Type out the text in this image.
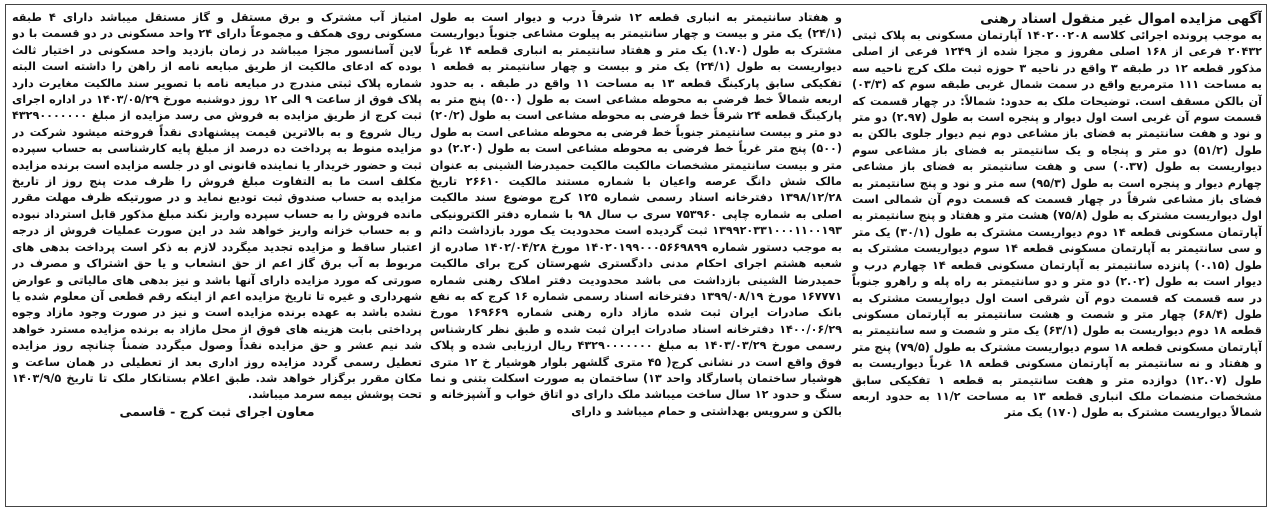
آگهی مزایده اموال غیر منقول اسناد رهنی

به موجب پرونده اجرائی کلاسه ۱۴۰۲۰۰۲۰۸ آپارتمان مسکونی به پلاک ثبتی ۲۰۴۳۲ فرعی از ۱۶۸ اصلی مفروز و مجزا شده از ۱۲۴۹ فرعی از اصلی مذکور قطعه ۱۲ در طبقه ۳ واقع در ناحیه ۳ حوزه ثبت ملک کرج ناحیه سه به مساحت ۱۱۱ مترمربع واقع در سمت شمال غربی طبقه سوم که (۰۳/۳) آن بالکن مسقف است. توضیحات ملک به حدود: شمالاً: در چهار قسمت که قسمت سوم آن غربی است اول دیوار و پنجره است به طول (۲.۹۷) دو متر و نود و هفت سانتیمتر به فضای باز مشاعی دوم نیم دیوار جلوی بالکن به طول (۵۱/۲) دو متر و پنجاه و یک سانتیمتر به فضای باز مشاعی سوم دیواریست به طول (۰.۳۷) سی و هفت سانتیمتر به فضای باز مشاعی چهارم دیوار و پنجره است به طول (۹۵/۳) سه متر و نود و پنج سانتیمتر به فضای باز مشاعی شرقاً در چهار قسمت که قسمت دوم آن شمالی است اول دیواریست مشترک به طول (۷۵/۸) هشت متر و هفتاد و پنج سانتیمتر به آپارتمان مسکونی قطعه ۱۴ دوم دیواریست مشترک به طول (۳۰/۱) یک متر و سی سانتیمتر به آپارتمان مسکونی قطعه ۱۴ سوم دیواریست مشترک به طول (۰.۱۵) پانزده سانتیمتر به آپارتمان مسکونی قطعه ۱۴ چهارم درب و دیوار است به طول (۲.۰۲) دو متر و دو سانتیمتر به راه پله و راهرو جنوباً در سه قسمت که قسمت دوم آن شرقی است اول دیواریست مشترک به طول (۶۸/۴) چهار متر و شصت و هشت سانتیمتر به آپارتمان مسکونی قطعه ۱۸ دوم دیواریست به طول (۶۳/۱) یک متر و شصت و سه سانتیمتر به آپارتمان مسکونی قطعه ۱۸ سوم دیواریست مشترک به طول (۷۹/۵) پنج متر و هفتاد و نه سانتیمتر به آپارتمان مسکونی قطعه ۱۸ غرباً دیواریست به طول (۱۲.۰۷) دوازده متر و هفت سانتیمتر به قطعه ۱ تفکیکی سابق مشخصات منضمات ملک انباری قطعه ۱۳ به مساحت ۱۱/۲ به حدود اربعه شمالاً دیواریست مشترک به طول (۱۷۰) یک متر

و هفتاد سانتیمتر به انباری قطعه ۱۲ شرقاً درب و دیوار است به طول (۲۴/۱) یک متر و بیست و چهار سانتیمتر به پیلوت مشاعی جنوباً دیواریست مشترک به طول (۱.۷۰) یک متر و هفتاد سانتیمتر به انباری قطعه ۱۴ غرباً دیواریست به طول (۲۴/۱) یک متر و بیست و چهار سانتیمتر به قطعه ۱ تفکیکی سابق پارکینگ قطعه ۱۳ به مساحت ۱۱ واقع در طبقه . به حدود اربعه شمالاً خط فرضی به محوطه مشاعی است به طول (۵۰۰) پنج متر به پارکینگ قطعه ۲۴ شرقاً خط فرضی به محوطه مشاعی است به طول (۲۰/۲) دو متر و بیست سانتیمتر جنوباً خط فرضی به محوطه مشاعی است به طول (۵۰۰) پنج متر غرباً خط فرضی به محوطه مشاعی است به طول (۲.۲۰) دو متر و بیست سانتیمتر مشخصات مالکیت مالکیت حمیدرضا الشینی به عنوان مالک شش دانگ عرصه واعیان با شماره مستند مالکیت ۲۶۶۱۰ تاریخ ۱۳۹۸/۱۲/۲۸ دفترخانه اسناد رسمی شماره ۱۲۵ کرج موضوع سند مالکیت اصلی به شماره چاپی ۷۵۳۹۶۰ سری ب سال ۹۸ با شماره دفتر الکترونیکی ۱۳۹۹۲۰۳۳۱۰۰۰۱۱۰۰۱۹۳ ثبت گردیده است محدودیت یک مورد بازداشت دائم به موجب دستور شماره ۱۴۰۲۰۱۹۹۰۰۰۵۶۶۹۸۹۹ مورخ ۱۴۰۲/۰۴/۲۸ صادره از شعبه هشتم اجرای احکام مدنی دادگستری شهرستان کرج برای مالکیت حمیدرضا الشینی بازداشت می باشد محدودیت دفتر املاک رهنی شماره ۱۶۷۷۷۱ مورخ ۱۳۹۹/۰۸/۱۹ دفترخانه اسناد رسمی شماره ۱۶ کرج که به نفع بانک صادرات ایران ثبت شده مازاد داره رهنی شماره ۱۶۹۶۶۹ مورخ ۱۴۰۰/۰۶/۲۹ دفترخانه اسناد صادرات ایران ثبت شده و طبق نظر کارشناس رسمی مورخ ۱۴۰۳/۰۳/۲۹ به مبلغ ۴۳۲۹۰۰۰۰۰۰۰ ریال ارزیابی شده و پلاک فوق واقع است در نشانی کرج( ۴۵ متری گلشهر بلوار هوشیار خ ۱۲ متری هوشیار ساختمان پاسارگاد واحد ۱۳) ساختمان به صورت اسکلت بتنی و نما سنگ و حدود ۱۲ سال ساخت میباشد ملک دارای دو اتاق خواب و آشپزخانه و بالکن و سرویس بهداشتی و حمام میباشد و دارای

امتیاز آب مشترک و برق مستقل و گاز مستقل میباشد دارای ۴ طبقه مسکونی روی همکف و مجموعاً دارای ۲۴ واحد مسکونی در دو قسمت با دو لاین آسانسور مجزا میباشد در زمان بازدید واحد مسکونی در اختیار ثالث بوده که ادعای مالکیت از طریق مبایعه نامه از راهن را داشته است البته شماره پلاک ثبتی مندرج در مبایعه نامه با تصویر سند مالکیت مغایرت دارد پلاک فوق از ساعت ۹ الی ۱۲ روز دوشنبه مورخ ۱۴۰۳/۰۵/۲۹ در اداره اجرای ثبت کرج از طریق مزایده به فروش می رسد مزایده از مبلغ ۴۳۲۹۰۰۰۰۰۰۰ ریال شروع و به بالاترین قیمت پیشنهادی نقداً فروخته میشود شرکت در مزایده منوط به پرداخت ده درصد از مبلغ پایه کارشناسی به حساب سپرده ثبت و حضور خریدار یا نماینده قانونی او در جلسه مزایده است برنده مزایده مکلف است ما به التفاوت مبلغ فروش را ظرف مدت پنج روز از تاریخ مزایده به حساب صندوق ثبت تودیع نماید و در صورتیکه ظرف مهلت مقرر مانده فروش را به حساب سپرده واریز نکند مبلغ مذکور قابل استرداد نبوده و به حساب خزانه واریز خواهد شد در این صورت عملیات فروش از درجه اعتبار ساقط و مزایده تجدید میگردد لازم به ذکر است پرداخت بدهی های مربوط به آب برق گاز اعم از حق انشعاب و یا حق اشتراک و مصرف در صورتی که مورد مزایده دارای آنها باشد و نیز بدهی های مالیاتی و عوارض شهرداری و غیره تا تاریخ مزایده اعم از اینکه رقم قطعی آن معلوم شده یا نشده باشد به عهده برنده مزایده است و نیز در صورت وجود مازاد وجوه پرداختی بابت هزینه های فوق از محل مازاد به برنده مزایده مسترد خواهد شد نیم عشر و حق مزایده نقداً وصول میگردد ضمناً چنانچه روز مزایده تعطیل رسمی گردد مزایده روز اداری بعد از تعطیلی در همان ساعت و مکان مقرر برگزار خواهد شد. طبق اعلام بستانکار ملک تا تاریخ ۱۴۰۳/۹/۵ تحت پوشش بیمه سرمد میباشد.

معاون اجرای ثبت کرج - قاسمی
